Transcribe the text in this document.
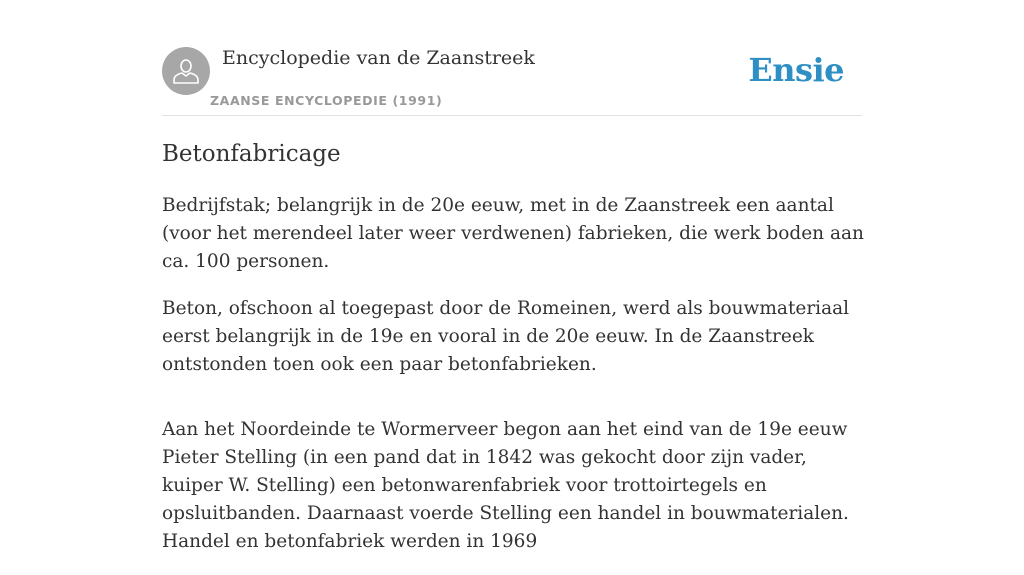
Encyclopedie van de Zaanstreek
ZAANSE ENCYCLOPEDIE (1991)
Ensie
Betonfabricage

Bedrijfstak; belangrijk in de 20e eeuw, met in de Zaanstreek een aantal (voor het merendeel later weer verdwenen) fabrieken, die werk boden aan ca. 100 personen.

Beton, ofschoon al toegepast door de Romeinen, werd als bouwmateriaal eerst belangrijk in de 19e en vooral in de 20e eeuw. In de Zaanstreek ontstonden toen ook een paar betonfabrieken.

Aan het Noordeinde te Wormerveer begon aan het eind van de 19e eeuw Pieter Stelling (in een pand dat in 1842 was gekocht door zijn vader, kuiper W. Stelling) een betonwarenfabriek voor trottoirtegels en opsluitbanden. Daarnaast voerde Stelling een handel in bouwmaterialen. Handel en betonfabriek werden in 1969
